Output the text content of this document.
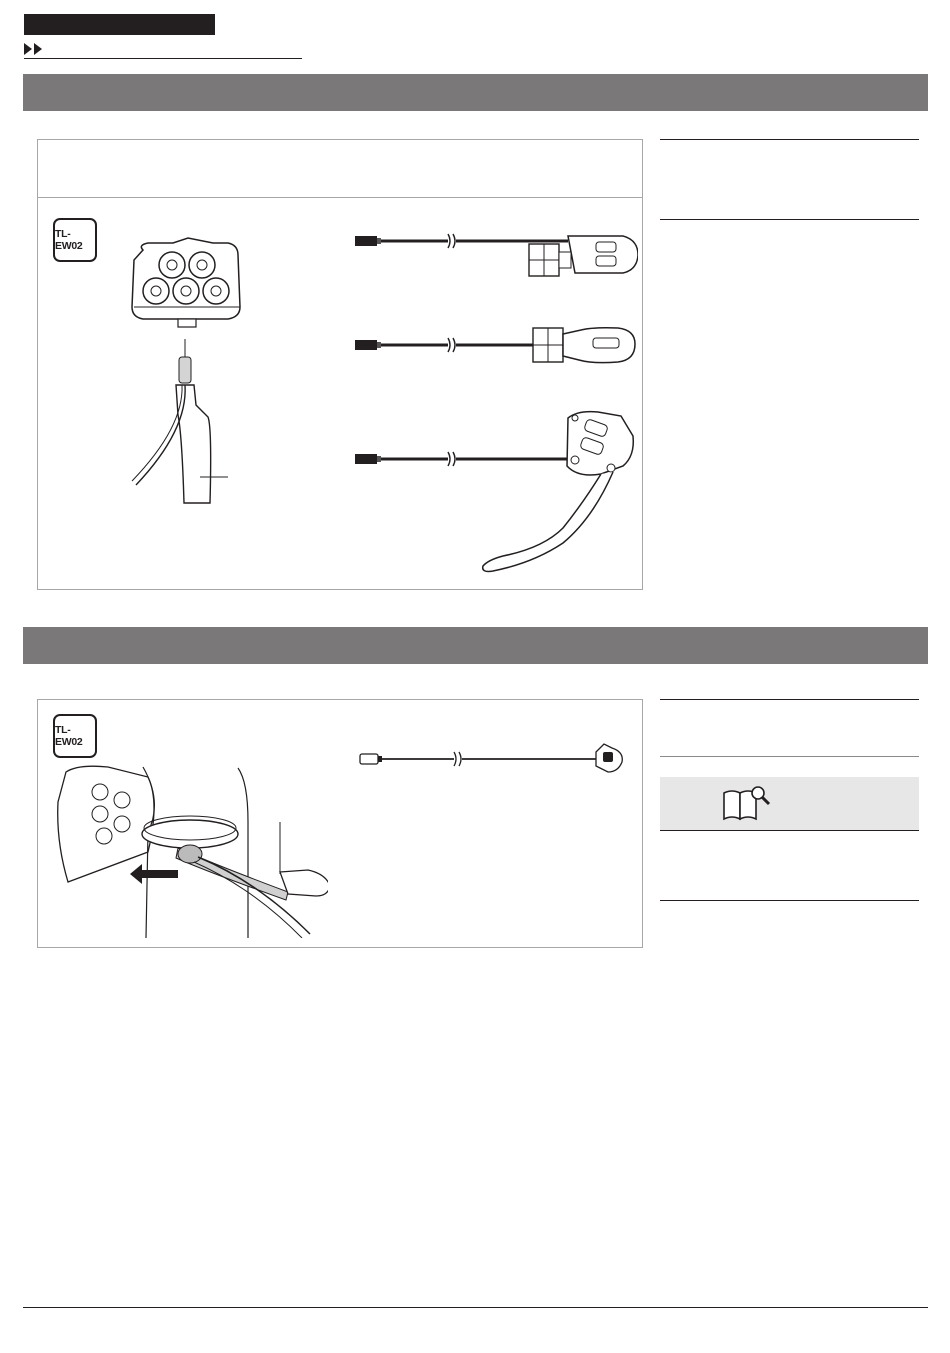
TL-EW02
TL-EW02
